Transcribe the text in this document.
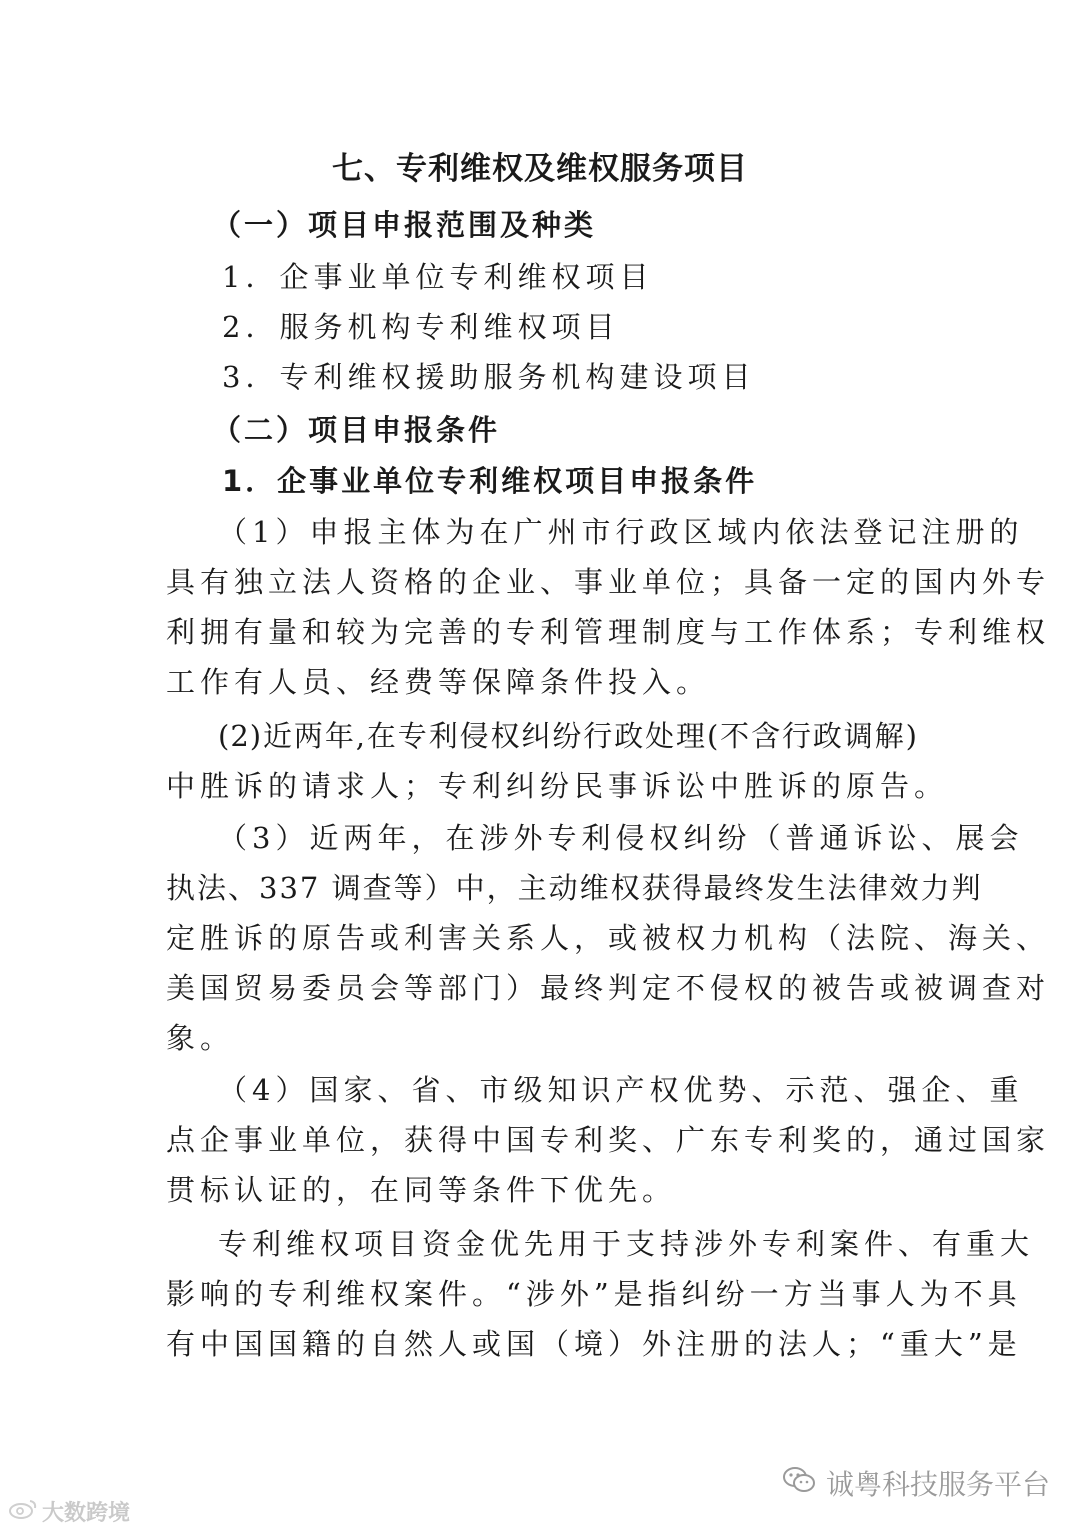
七、专利维权及维权服务项目
（一）项目申报范围及种类
1．企事业单位专利维权项目
2．服务机构专利维权项目
3．专利维权援助服务机构建设项目
（二）项目申报条件
1．企事业单位专利维权项目申报条件
（1）申报主体为在广州市行政区域内依法登记注册的
具有独立法人资格的企业、事业单位；具备一定的国内外专
利拥有量和较为完善的专利管理制度与工作体系；专利维权
工作有人员、经费等保障条件投入。
(2)近两年,在专利侵权纠纷行政处理(不含行政调解)
中胜诉的请求人；专利纠纷民事诉讼中胜诉的原告。
（3）近两年，在涉外专利侵权纠纷（普通诉讼、展会
执法、337 调查等）中，主动维权获得最终发生法律效力判
定胜诉的原告或利害关系人，或被权力机构（法院、海关、
美国贸易委员会等部门）最终判定不侵权的被告或被调查对
象。
（4）国家、省、市级知识产权优势、示范、强企、重
点企事业单位，获得中国专利奖、广东专利奖的，通过国家
贯标认证的，在同等条件下优先。
专利维权项目资金优先用于支持涉外专利案件、有重大
影响的专利维权案件。“涉外”是指纠纷一方当事人为不具
有中国国籍的自然人或国（境）外注册的法人；“重大”是
诚粤科技服务平台
大数跨境
